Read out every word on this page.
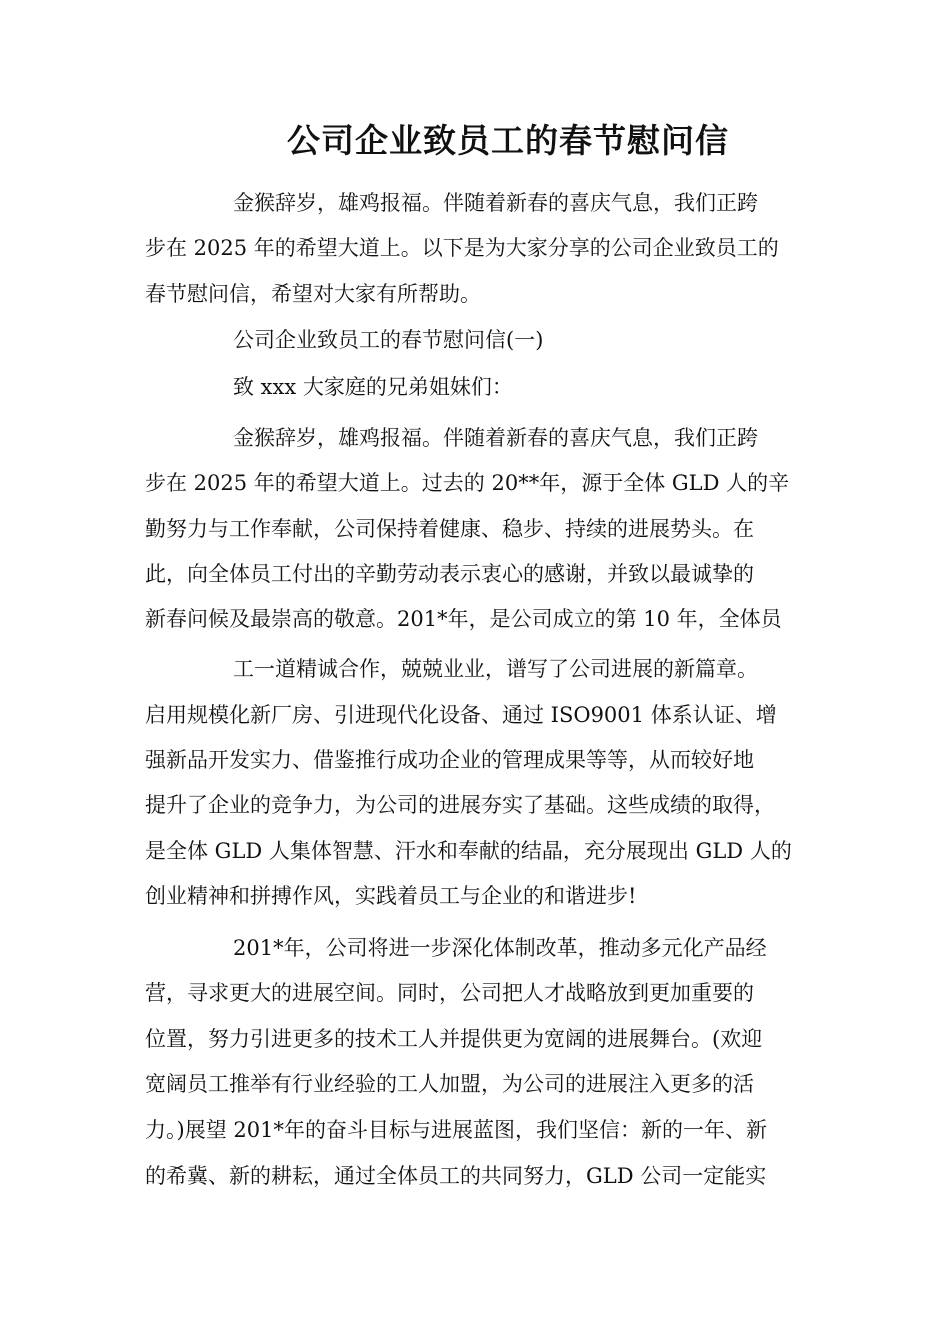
公司企业致员工的春节慰问信

金猴辞岁，雄鸡报福。伴随着新春的喜庆气息，我们正跨

步在 2025 年的希望大道上。以下是为大家分享的公司企业致员工的

春节慰问信，希望对大家有所帮助。

公司企业致员工的春节慰问信(一)

致 xxx 大家庭的兄弟姐妹们：

金猴辞岁，雄鸡报福。伴随着新春的喜庆气息，我们正跨

步在 2025 年的希望大道上。过去的 20**年，源于全体 GLD 人的辛

勤努力与工作奉献，公司保持着健康、稳步、持续的进展势头。在

此，向全体员工付出的辛勤劳动表示衷心的感谢，并致以最诚挚的

新春问候及最崇高的敬意。201*年，是公司成立的第 10 年，全体员

工一道精诚合作，兢兢业业，谱写了公司进展的新篇章。

启用规模化新厂房、引进现代化设备、通过 ISO9001 体系认证、增

强新品开发实力、借鉴推行成功企业的管理成果等等，从而较好地

提升了企业的竞争力，为公司的进展夯实了基础。这些成绩的取得，

是全体 GLD 人集体智慧、汗水和奉献的结晶，充分展现出 GLD 人的

创业精神和拼搏作风，实践着员工与企业的和谐进步!

201*年，公司将进一步深化体制改革，推动多元化产品经

营，寻求更大的进展空间。同时，公司把人才战略放到更加重要的

位置，努力引进更多的技术工人并提供更为宽阔的进展舞台。(欢迎

宽阔员工推举有行业经验的工人加盟，为公司的进展注入更多的活

力。)展望 201*年的奋斗目标与进展蓝图，我们坚信：新的一年、新

的希冀、新的耕耘，通过全体员工的共同努力，GLD 公司一定能实
